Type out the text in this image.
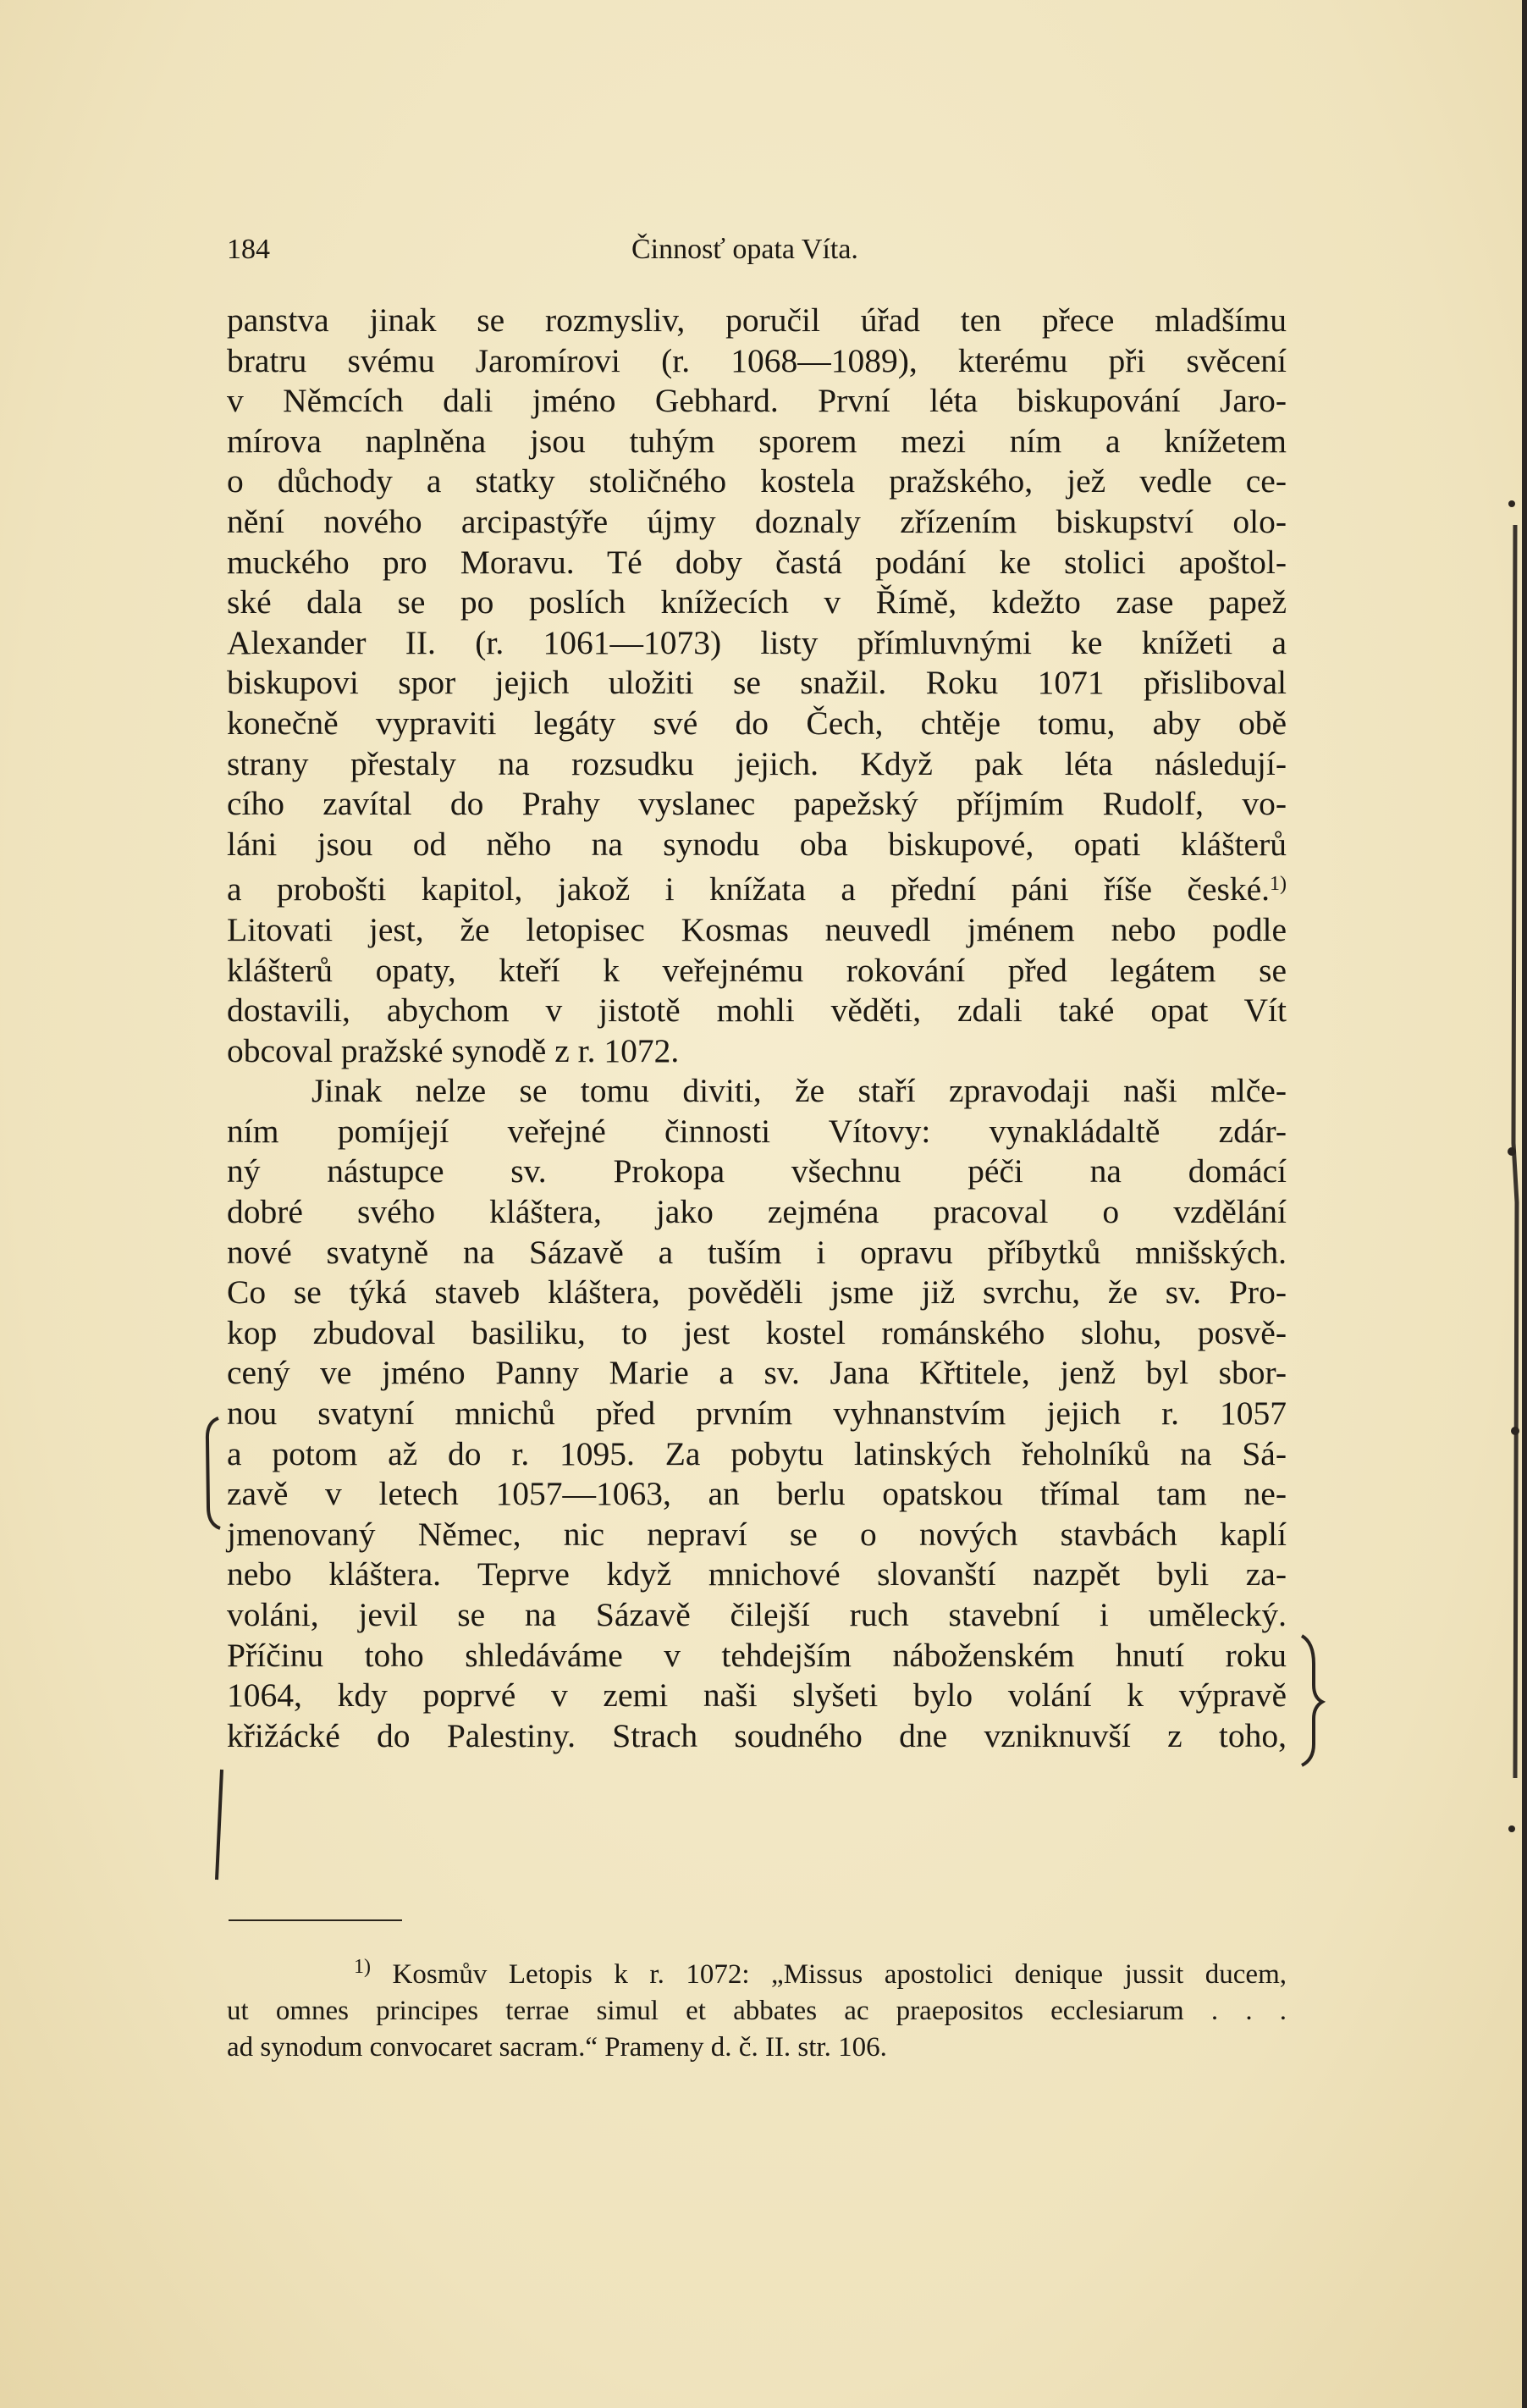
184	Činnosť opata Víta.
panstva jinak se rozmysliv, poručil úřad ten přece mladšímu
bratru svému Jaromírovi (r. 1068—1089), kterému při svěcení
v Němcích dali jméno Gebhard. První léta biskupování Jaro-
mírova naplněna jsou tuhým sporem mezi ním a knížetem
o důchody a statky stoličného kostela pražského, jež vedle ce-
nění nového arcipastýře újmy doznaly zřízením biskupství olo-
muckého pro Moravu. Té doby častá podání ke stolici apoštol-
ské dala se po poslích knížecích v Římě, kdežto zase papež
Alexander II. (r. 1061—1073) listy přímluvnými ke knížeti a
biskupovi spor jejich uložiti se snažil. Roku 1071 přisliboval
konečně vypraviti legáty své do Čech, chtěje tomu, aby obě
strany přestaly na rozsudku jejich. Když pak léta následují-
cího zavítal do Prahy vyslanec papežský příjmím Rudolf, vo-
láni jsou od něho na synodu oba biskupové, opati klášterů
a probošti kapitol, jakož i knížata a přední páni říše české.$^{1)}$
Litovati jest, že letopisec Kosmas neuvedl jménem nebo podle
klášterů opaty, kteří k veřejnému rokování před legátem se
dostavili, abychom v jistotě mohli věděti, zdali také opat Vít
obcoval pražské synodě z r. 1072.
Jinak nelze se tomu diviti, že staří zpravodaji naši mlče-
ním pomíjejí veřejné činnosti Vítovy: vynakládaltě zdár-
ný nástupce sv. Prokopa všechnu péči na domácí
dobré svého kláštera, jako zejména pracoval o vzdělání
nové svatyně na Sázavě a tuším i opravu příbytků mnišských.
Co se týká staveb kláštera, pověděli jsme již svrchu, že sv. Pro-
kop zbudoval basiliku, to jest kostel románského slohu, posvě-
cený ve jméno Panny Marie a sv. Jana Křtitele, jenž byl sbor-
nou svatyní mnichů před prvním vyhnanstvím jejich r. 1057
a potom až do r. 1095. Za pobytu latinských řeholníků na Sá-
zavě v letech 1057—1063, an berlu opatskou třímal tam ne-
jmenovaný Němec, nic nepraví se o nových stavbách kaplí
nebo kláštera. Teprve když mnichové slovanští nazpět byli za-
voláni, jevil se na Sázavě čilejší ruch stavební i umělecký.
Příčinu toho shledáváme v tehdejším náboženském hnutí roku
1064, kdy poprvé v zemi naši slyšeti bylo volání k výpravě
křižácké do Palestiny. Strach soudného dne vzniknuvší z toho,
$^{1)}$ Kosmův Letopis k r. 1072: „Missus apostolici denique jussit ducem,
ut omnes principes terrae simul et abbates ac praepositos ecclesiarum . . .
ad synodum convocaret sacram.“ Prameny d. č. II. str. 106.
